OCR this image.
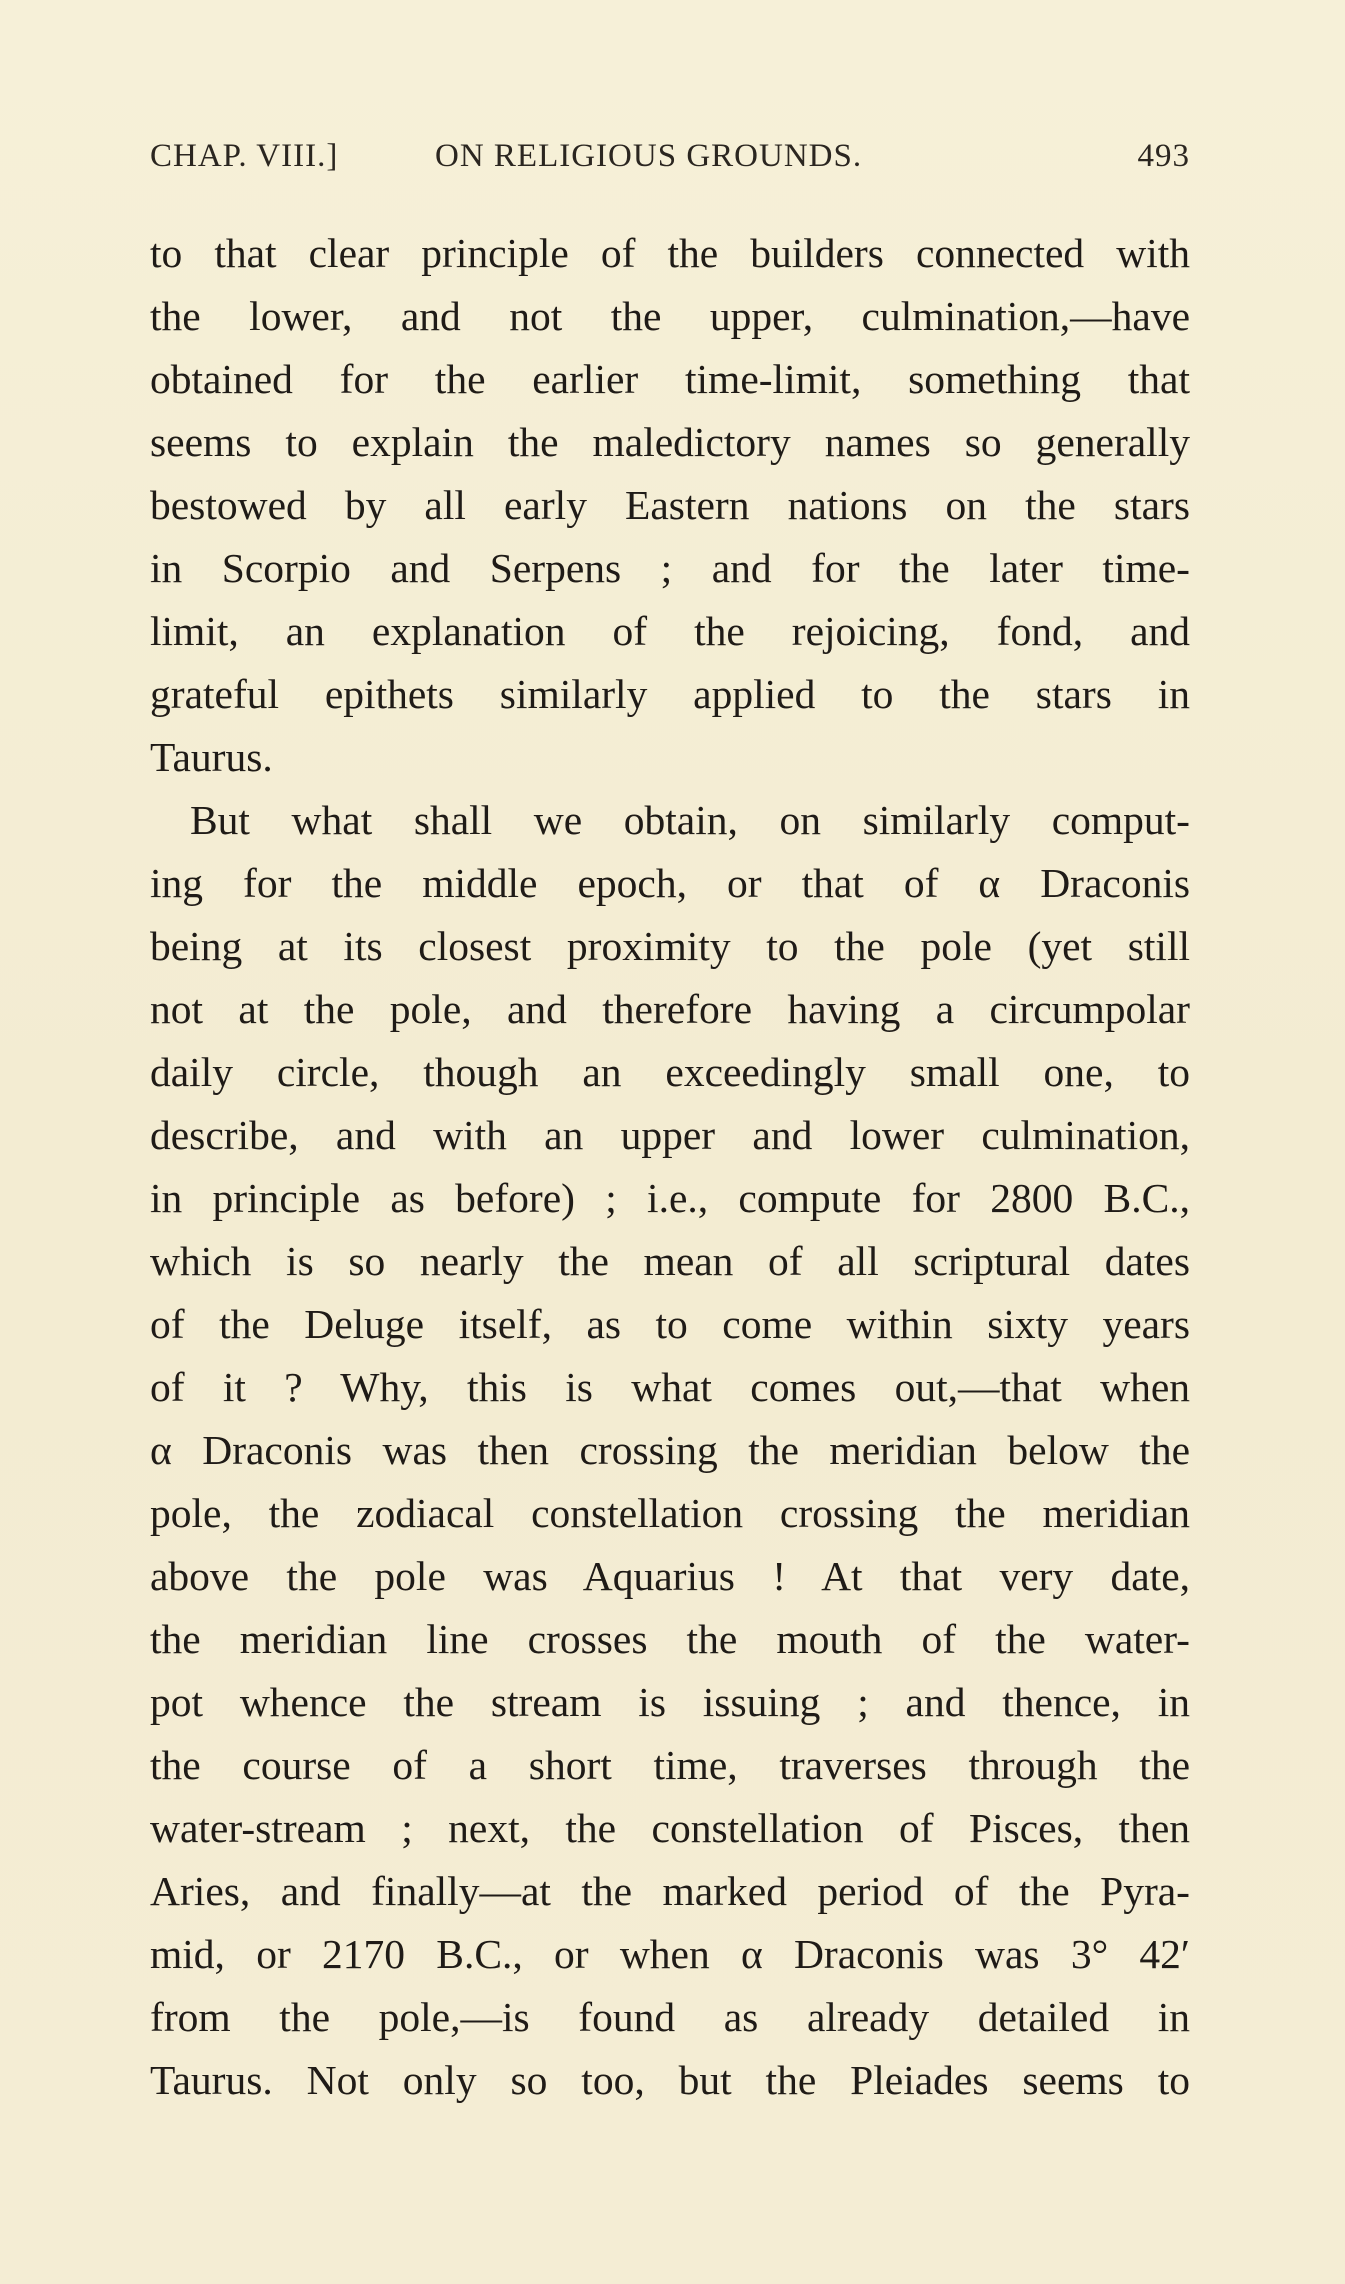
CHAP. VIII.]	ON RELIGIOUS GROUNDS.	493
to that clear principle of the builders connected with
the lower, and not the upper, culmination,—have
obtained for the earlier time-limit, something that
seems to explain the maledictory names so generally
bestowed by all early Eastern nations on the stars
in Scorpio and Serpens ; and for the later time-
limit, an explanation of the rejoicing, fond, and
grateful epithets similarly applied to the stars in
Taurus.
But what shall we obtain, on similarly comput-
ing for the middle epoch, or that of α Draconis
being at its closest proximity to the pole (yet still
not at the pole, and therefore having a circumpolar
daily circle, though an exceedingly small one, to
describe, and with an upper and lower culmination,
in principle as before) ; i.e., compute for 2800 B.C.,
which is so nearly the mean of all scriptural dates
of the Deluge itself, as to come within sixty years
of it ? Why, this is what comes out,—that when
α Draconis was then crossing the meridian below the
pole, the zodiacal constellation crossing the meridian
above the pole was Aquarius ! At that very date,
the meridian line crosses the mouth of the water-
pot whence the stream is issuing ; and thence, in
the course of a short time, traverses through the
water-stream ; next, the constellation of Pisces, then
Aries, and finally—at the marked period of the Pyra-
mid, or 2170 B.C., or when α Draconis was 3° 42′
from the pole,—is found as already detailed in
Taurus. Not only so too, but the Pleiades seems to
